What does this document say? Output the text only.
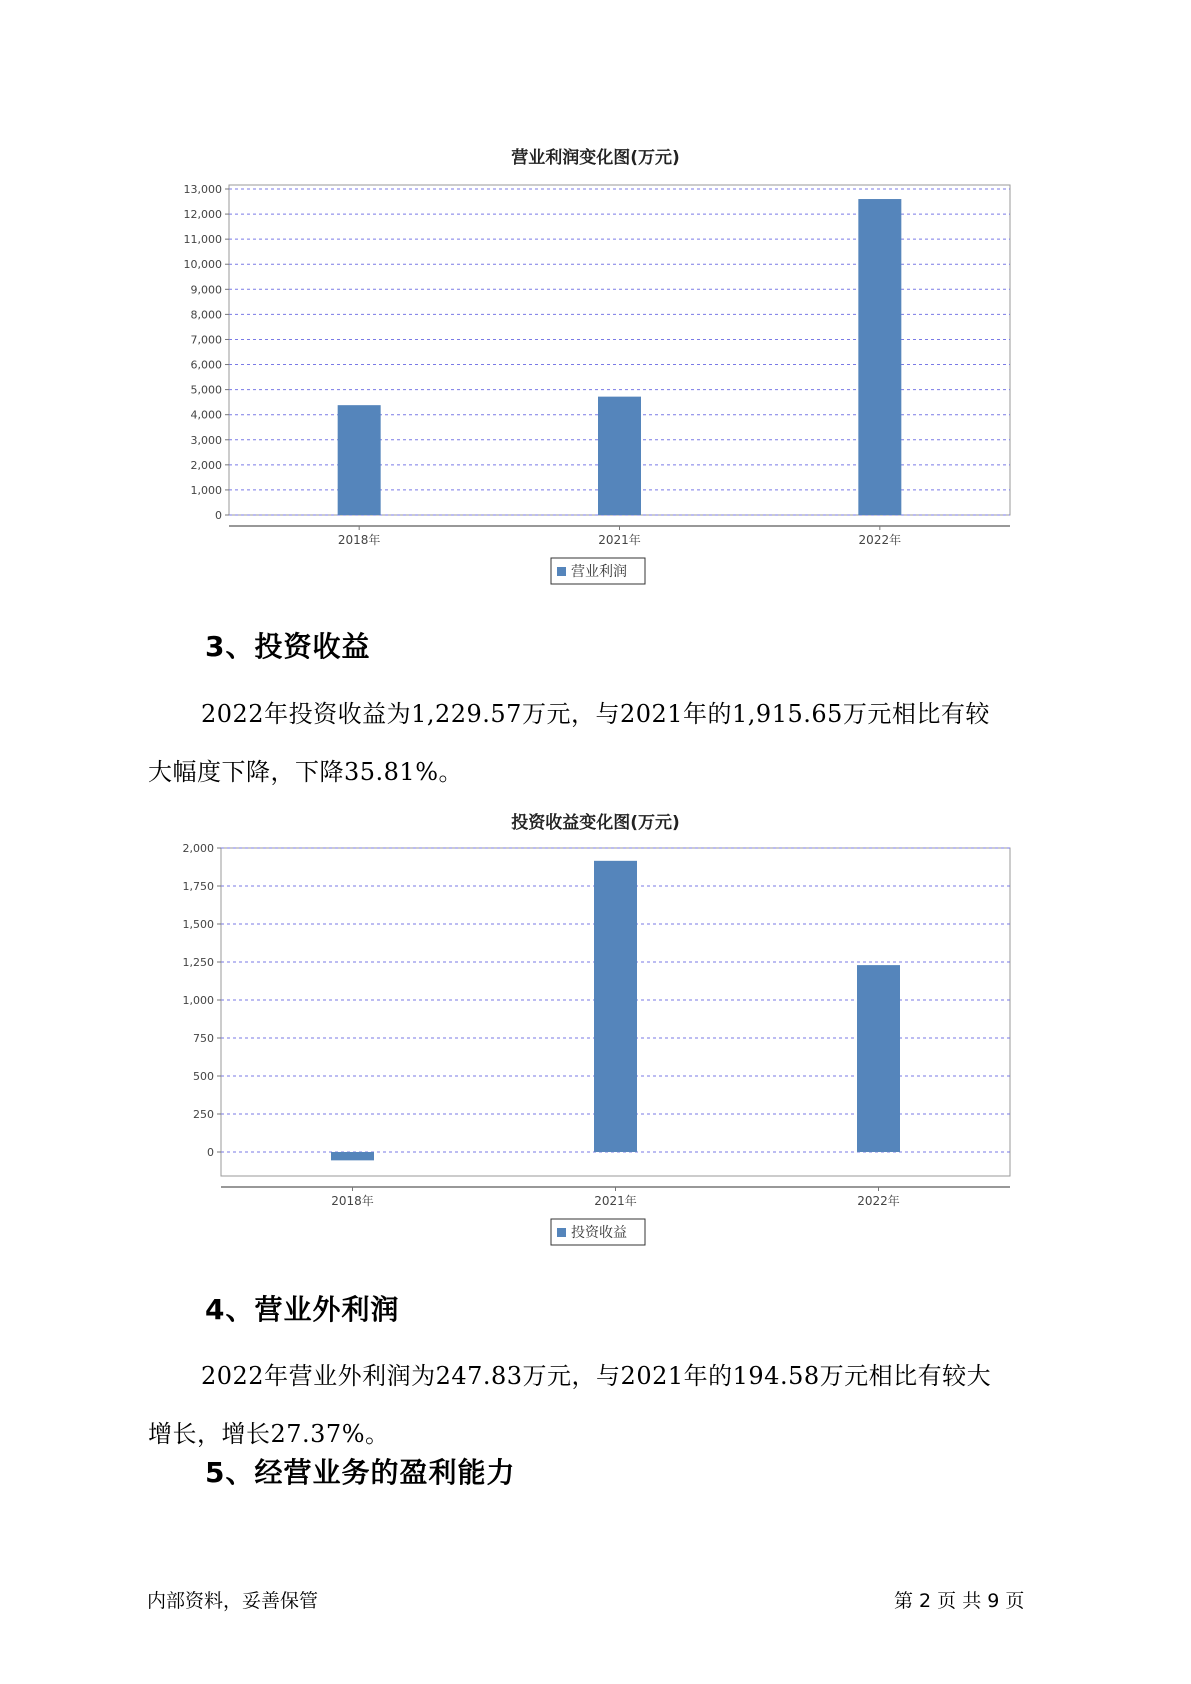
营业利润变化图(万元)
0
1,000
2,000
3,000
4,000
5,000
6,000
7,000
8,000
9,000
10,000
11,000
12,000
13,000
2018年	2021年	2022年
营业利润
3、投资收益
2022年投资收益为1,229.57万元，与2021年的1,915.65万元相比有较
大幅度下降，下降35.81%。
投资收益变化图(万元)
0
250
500
750
1,000
1,250
1,500
1,750
2,000
2018年	2021年	2022年
投资收益
4、营业外利润
2022年营业外利润为247.83万元，与2021年的194.58万元相比有较大
增长，增长27.37%。
5、经营业务的盈利能力
内部资料，妥善保管	第 2 页 共 9 页
